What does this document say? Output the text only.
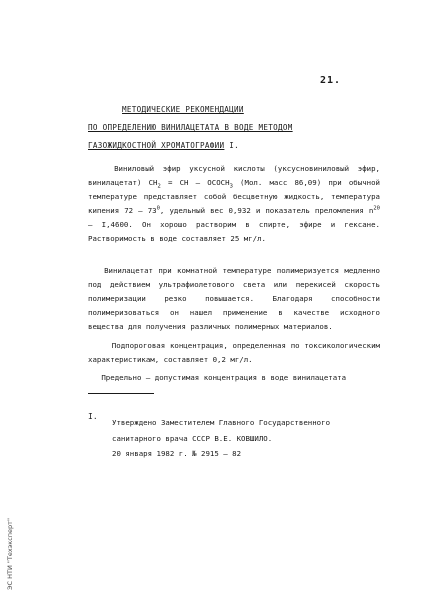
21.
МЕТОДИЧЕСКИЕ РЕКОМЕНДАЦИИ
ПО ОПРЕДЕЛЕНИЮ ВИНИЛАЦЕТАТА В ВОДЕ МЕТОДОМ
ГАЗОЖИДКОСТНОЙ ХРОМАТОГРАФИИ I.

Виниловый эфир уксусной кислоты (уксусновиниловый эфир, винилацетат) $CH_2$ = CH – $OCOCH_3$ (Мол. масс 86,09) при обычной температуре представляет собой бесцветную жидкость, температура кипения $72 - 73^0$, удельный вес 0,932 и показатель преломления $n^{20} - I,4600$. Он хорошо растворим в спирте, эфире и гексане. Растворимость в воде составляет 25 мг/л.

Винилацетат при комнатной температуре полимеризуется медленно под действием ультрафиолетового света или перекисей скорость полимеризации резко повышается. Благодаря способности полимеризоваться он нашел применение в качестве исходного вещества для получения различных полимерных материалов.

Подпороговая концентрация, определенная по токсикологическим характеристикам, составляет 0,2 мг/л.

Предельно – допустимая концентрация в воде винилацетата

I.
Утверждено Заместителем Главного Государственного
санитарного врача СССР В.Е. КОВШИЛО.
20 января 1982 г. № 2915 – 82
ЭС НТИ "Техэксперт"
